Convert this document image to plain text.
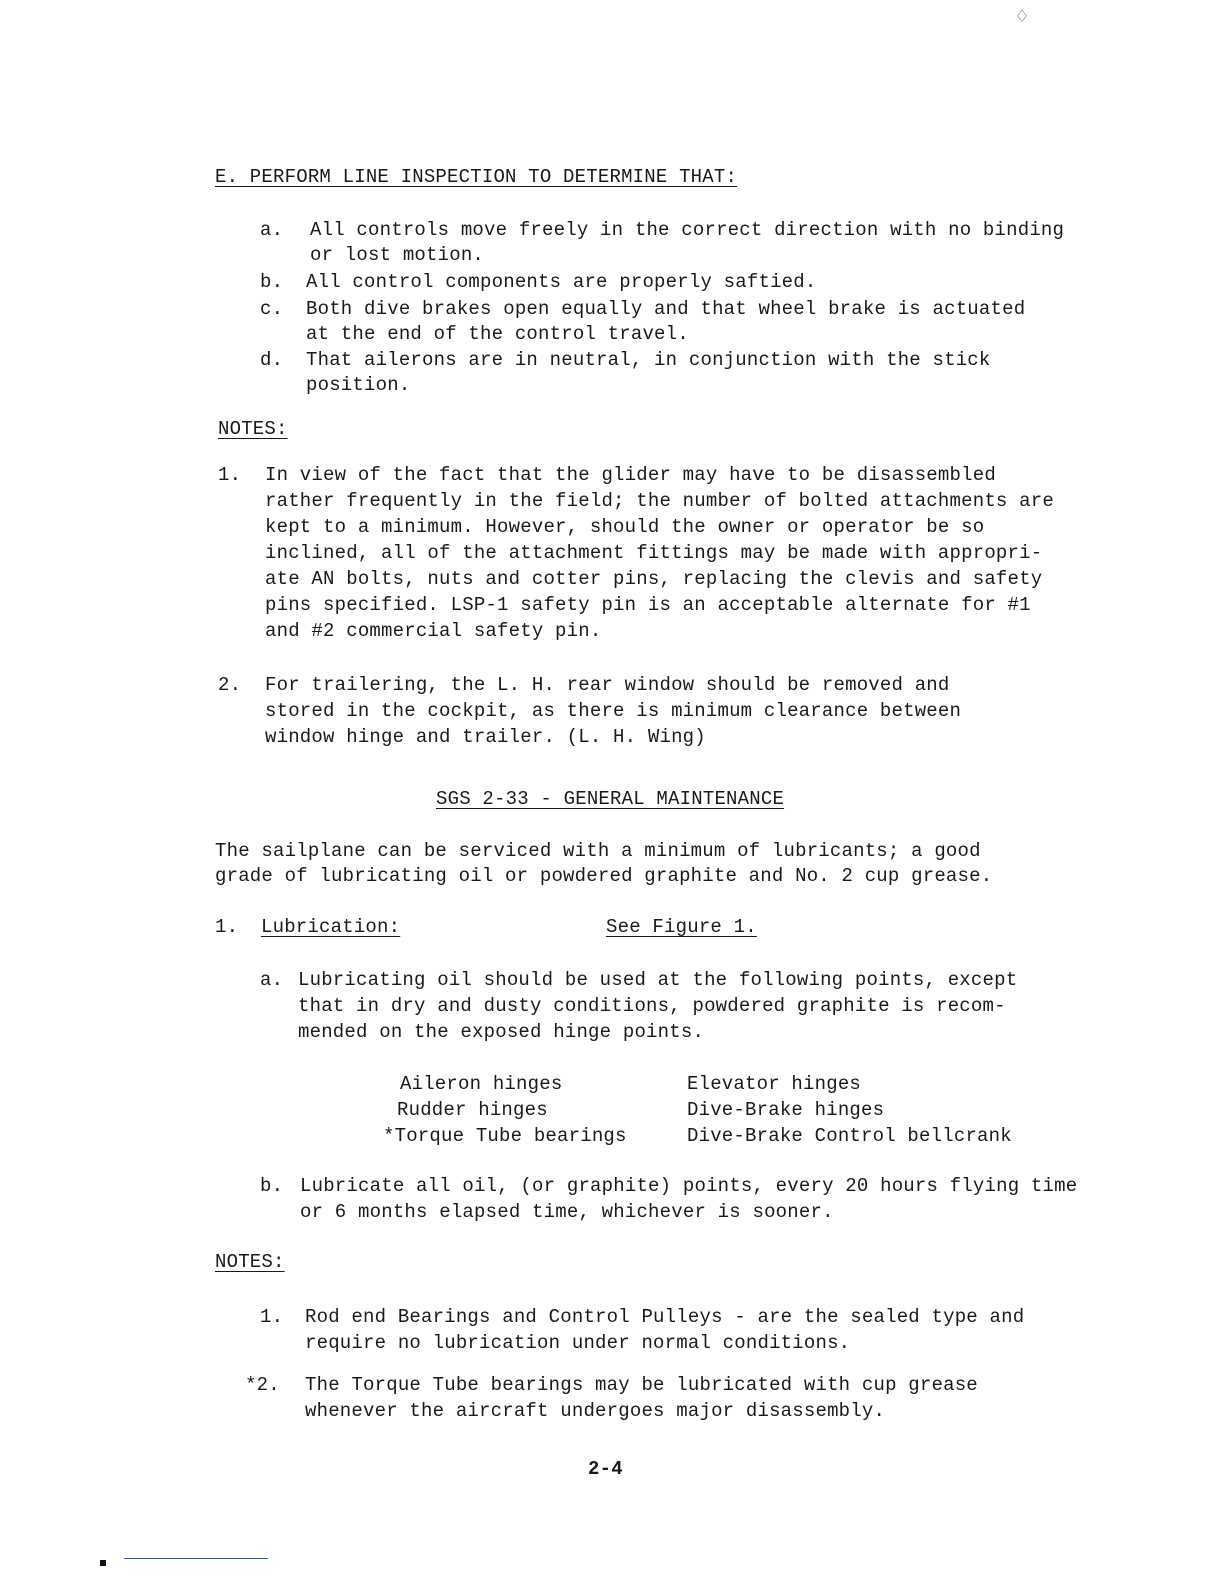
♢
E. PERFORM LINE INSPECTION TO DETERMINE THAT:
a. All controls move freely in the correct direction with no binding
or lost motion.
b. All control components are properly saftied.
c. Both dive brakes open equally and that wheel brake is actuated
at the end of the control travel.
d. That ailerons are in neutral, in conjunction with the stick
position.
NOTES:
1. In view of the fact that the glider may have to be disassembled
rather frequently in the field; the number of bolted attachments are
kept to a minimum. However, should the owner or operator be so
inclined, all of the attachment fittings may be made with appropri-
ate AN bolts, nuts and cotter pins, replacing the clevis and safety
pins specified. LSP-1 safety pin is an acceptable alternate for #1
and #2 commercial safety pin.
2. For trailering, the L. H. rear window should be removed and
stored in the cockpit, as there is minimum clearance between
window hinge and trailer. (L. H. Wing)
SGS 2-33 - GENERAL MAINTENANCE
The sailplane can be serviced with a minimum of lubricants; a good
grade of lubricating oil or powdered graphite and No. 2 cup grease.
1. Lubrication:	See Figure 1.
a. Lubricating oil should be used at the following points, except
that in dry and dusty conditions, powdered graphite is recom-
mended on the exposed hinge points.
Aileron hinges
Rudder hinges
*Torque Tube bearings
Elevator hinges
Dive-Brake hinges
Dive-Brake Control bellcrank
b. Lubricate all oil, (or graphite) points, every 20 hours flying time
or 6 months elapsed time, whichever is sooner.
NOTES:
1. Rod end Bearings and Control Pulleys - are the sealed type and
require no lubrication under normal conditions.
*2. The Torque Tube bearings may be lubricated with cup grease
whenever the aircraft undergoes major disassembly.
2-4
